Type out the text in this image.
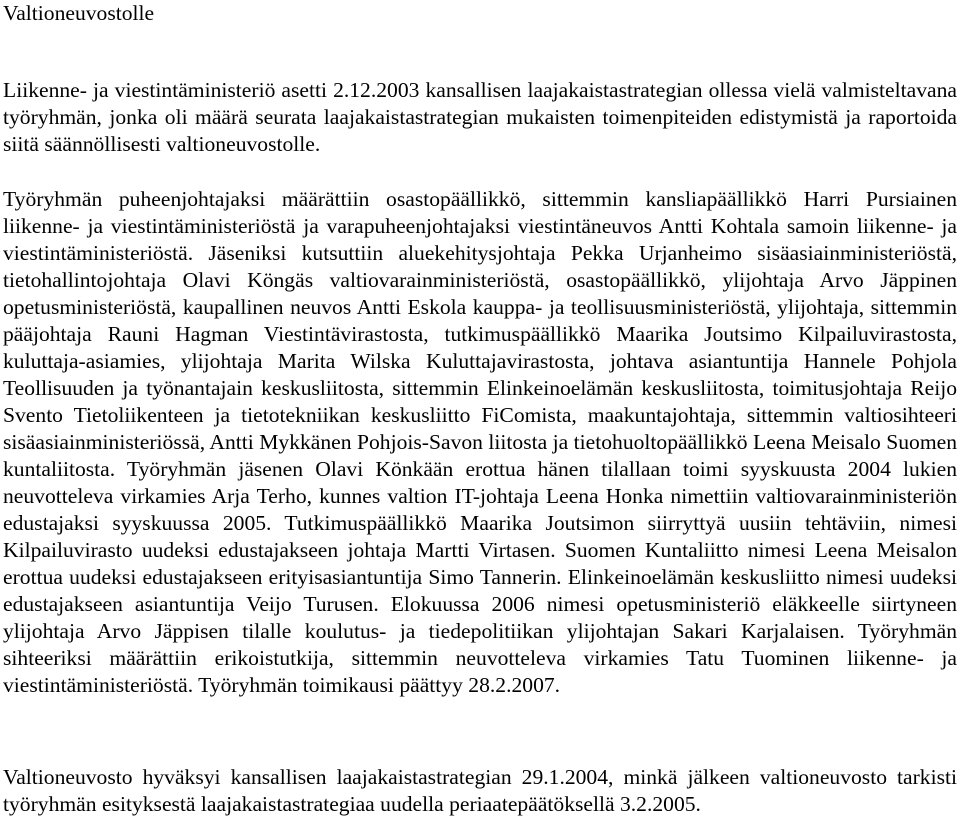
Valtioneuvostolle

Liikenne- ja viestintäministeriö asetti 2.12.2003 kansallisen laajakaistastrategian ollessa vielä valmisteltavana työryhmän, jonka oli määrä seurata laajakaistastrategian mukaisten toimenpiteiden edistymistä ja raportoida siitä säännöllisesti valtioneuvostolle.

Työryhmän puheenjohtajaksi määrättiin osastopäällikkö, sittemmin kansliapäällikkö Harri Pursiainen liikenne- ja viestintäministeriöstä ja varapuheenjohtajaksi viestintäneuvos Antti Kohtala samoin liikenne- ja viestintäministeriöstä. Jäseniksi kutsuttiin aluekehitysjohtaja Pekka Urjanheimo sisäasiainministeriöstä, tietohallintojohtaja Olavi Köngäs valtiovarainministeriöstä, osastopäällikkö, ylijohtaja Arvo Jäppinen opetusministeriöstä, kaupallinen neuvos Antti Eskola kauppa- ja teollisuusministeriöstä, ylijohtaja, sittemmin pääjohtaja Rauni Hagman Viestintävirastosta, tutkimuspäällikkö Maarika Joutsimo Kilpailuvirastosta, kuluttaja-asiamies, ylijohtaja Marita Wilska Kuluttajavirastosta, johtava asiantuntija Hannele Pohjola Teollisuuden ja työnantajain keskusliitosta, sittemmin Elinkeinoelämän keskusliitosta, toimitusjohtaja Reijo Svento Tietoliikenteen ja tietotekniikan keskusliitto FiComista, maakuntajohtaja, sittemmin valtiosihteeri sisäasiainministeriössä, Antti Mykkänen Pohjois-Savon liitosta ja tietohuoltopäällikkö Leena Meisalo Suomen kuntaliitosta. Työryhmän jäsenen Olavi Könkään erottua hänen tilallaan toimi syyskuusta 2004 lukien neuvotteleva virkamies Arja Terho, kunnes valtion IT-johtaja Leena Honka nimettiin valtiovarainministeriön edustajaksi syyskuussa 2005. Tutkimuspäällikkö Maarika Joutsimon siirryttyä uusiin tehtäviin, nimesi Kilpailuvirasto uudeksi edustajakseen johtaja Martti Virtasen. Suomen Kuntaliitto nimesi Leena Meisalon erottua uudeksi edustajakseen erityisasiantuntija Simo Tannerin. Elinkeinoelämän keskusliitto nimesi uudeksi edustajakseen asiantuntija Veijo Turusen. Elokuussa 2006 nimesi opetusministeriö eläkkeelle siirtyneen ylijohtaja Arvo Jäppisen tilalle koulutus- ja tiedepolitiikan ylijohtajan Sakari Karjalaisen. Työryhmän sihteeriksi määrättiin erikoistutkija, sittemmin neuvotteleva virkamies Tatu Tuominen liikenne- ja viestintäministeriöstä. Työryhmän toimikausi päättyy 28.2.2007.

Valtioneuvosto hyväksyi kansallisen laajakaistastrategian 29.1.2004, minkä jälkeen valtioneuvosto tarkisti työryhmän esityksestä laajakaistastrategiaa uudella periaatepäätöksellä 3.2.2005.
